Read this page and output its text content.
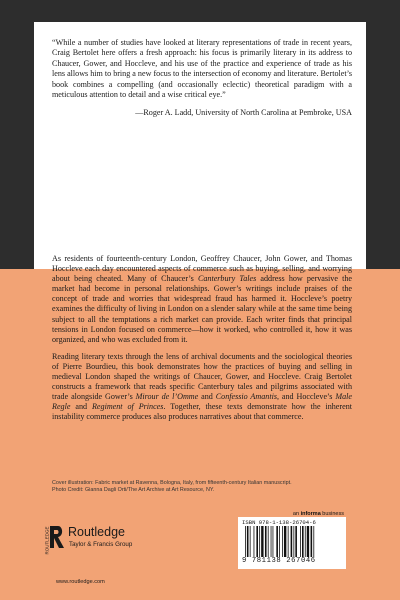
“While a number of studies have looked at literary representations of trade in recent years, Craig Bertolet here offers a fresh approach: his focus is primarily literary in its address to Chaucer, Gower, and Hoccleve, and his use of the practice and experience of trade as his lens allows him to bring a new focus to the intersection of economy and literature. Bertolet’s book combines a compelling (and occasionally eclectic) theoretical paradigm with a meticulous attention to detail and a wise critical eye.”
—Roger A. Ladd, University of North Carolina at Pembroke, USA

As residents of fourteenth-century London, Geoffrey Chaucer, John Gower, and Thomas Hoccleve each day encountered aspects of commerce such as buying, selling, and worrying about being cheated. Many of Chaucer’s Canterbury Tales address how pervasive the market had become in personal relationships. Gower’s writings include praises of the concept of trade and worries that widespread fraud has harmed it. Hoccleve’s poetry examines the difficulty of living in London on a slender salary while at the same time being subject to all the temptations a rich market can provide. Each writer finds that principal tensions in London focused on commerce—how it worked, who controlled it, how it was organized, and who was excluded from it.

Reading literary texts through the lens of archival documents and the sociological theories of Pierre Bourdieu, this book demonstrates how the practices of buying and selling in medieval London shaped the writings of Chaucer, Gower, and Hoccleve. Craig Bertolet constructs a framework that reads specific Canterbury tales and pilgrims associated with trade alongside Gower’s Mirour de l’Omme and Confessio Amantis, and Hoccleve’s Male Regle and Regiment of Princes. Together, these texts demonstrate how the inherent instability commerce produces also produces narratives about that commerce.

Cover illustration: Fabric market at Ravenna, Bologna, Italy, from fifteenth-century Italian manuscript.
Photo Credit: Gianna Dagli Orti/The Art Archive at Art Resource, NY.
an informa business
ISBN 978-1-138-26704-6
9 781138 267046
ROUTLEDGE Routledge
Taylor & Francis Group
www.routledge.com
